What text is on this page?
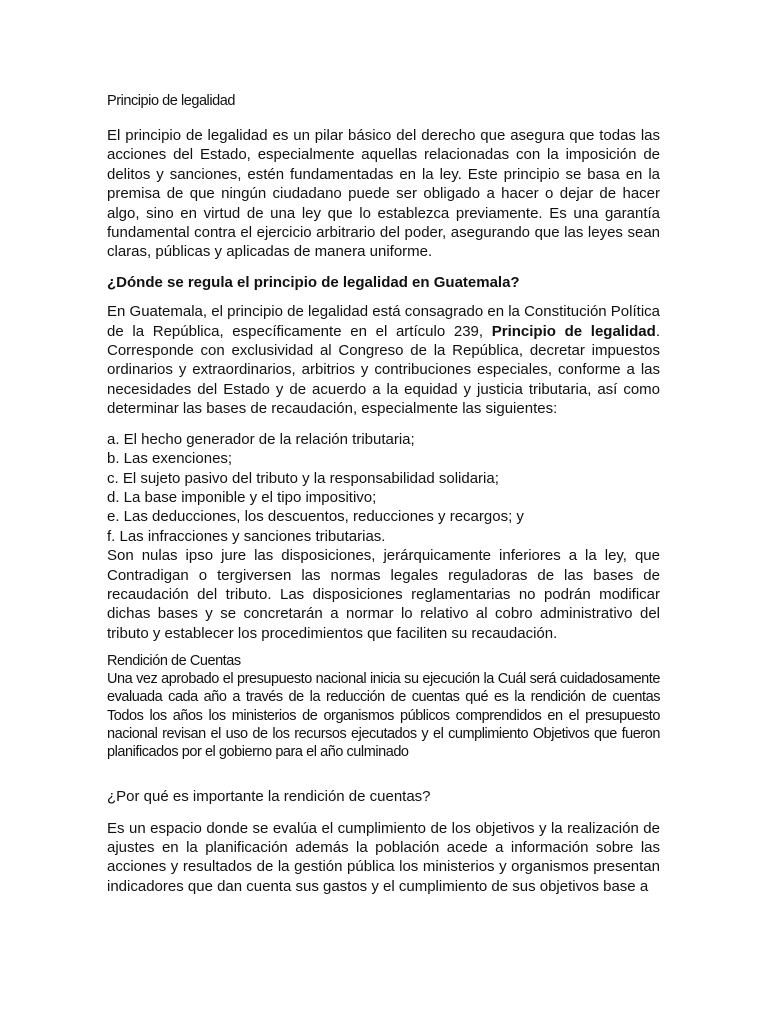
Principio de legalidad

El principio de legalidad es un pilar básico del derecho que asegura que todas las acciones del Estado, especialmente aquellas relacionadas con la imposición de delitos y sanciones, estén fundamentadas en la ley. Este principio se basa en la premisa de que ningún ciudadano puede ser obligado a hacer o dejar de hacer algo, sino en virtud de una ley que lo establezca previamente. Es una garantía fundamental contra el ejercicio arbitrario del poder, asegurando que las leyes sean claras, públicas y aplicadas de manera uniforme.

¿Dónde se regula el principio de legalidad en Guatemala?

En Guatemala, el principio de legalidad está consagrado en la Constitución Política de la República, específicamente en el artículo 239, Principio de legalidad. Corresponde con exclusividad al Congreso de la República, decretar impuestos ordinarios y extraordinarios, arbitrios y contribuciones especiales, conforme a las necesidades del Estado y de acuerdo a la equidad y justicia tributaria, así como determinar las bases de recaudación, especialmente las siguientes:

a. El hecho generador de la relación tributaria;
b. Las exenciones;
c. El sujeto pasivo del tributo y la responsabilidad solidaria;
d. La base imponible y el tipo impositivo;
e. Las deducciones, los descuentos, reducciones y recargos; y
f. Las infracciones y sanciones tributarias.

Son nulas ipso jure las disposiciones, jerárquicamente inferiores a la ley, que Contradigan o tergiversen las normas legales reguladoras de las bases de recaudación del tributo. Las disposiciones reglamentarias no podrán modificar dichas bases y se concretarán a normar lo relativo al cobro administrativo del tributo y establecer los procedimientos que faciliten su recaudación.

Rendición de Cuentas

Una vez aprobado el presupuesto nacional inicia su ejecución la Cuál será cuidadosamente evaluada cada año a través de la reducción de cuentas qué es la rendición de cuentas Todos los años los ministerios de organismos públicos comprendidos en el presupuesto nacional revisan el uso de los recursos ejecutados y el cumplimiento Objetivos que fueron planificados por el gobierno para el año culminado

¿Por qué es importante la rendición de cuentas?

Es un espacio donde se evalúa el cumplimiento de los objetivos y la realización de ajustes en la planificación además la población acede a información sobre las acciones y resultados de la gestión pública los ministerios y organismos presentan indicadores que dan cuenta sus gastos y el cumplimiento de sus objetivos base a
